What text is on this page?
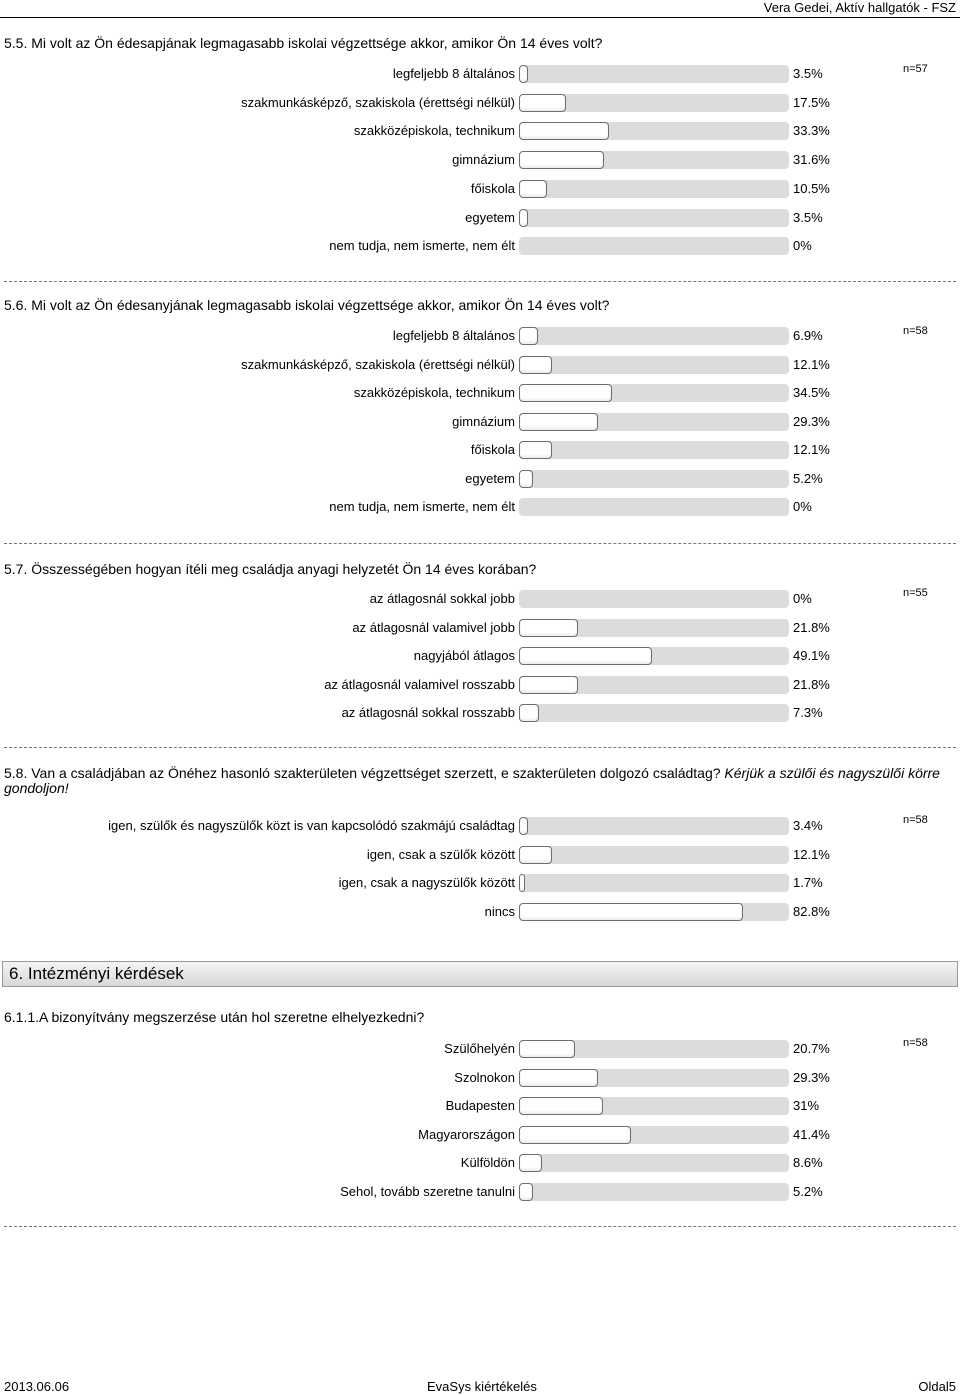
Vera Gedei, Aktív hallgatók - FSZ
5.5. Mi volt az Ön édesapjának legmagasabb iskolai végzettsége akkor, amikor Ön 14 éves volt?
n=57
legfeljebb 8 általános	3.5%
szakmunkásképző, szakiskola (érettségi nélkül)	17.5%
szakközépiskola, technikum	33.3%
gimnázium	31.6%
főiskola	10.5%
egyetem	3.5%
nem tudja, nem ismerte, nem élt	0%
5.6. Mi volt az Ön édesanyjának legmagasabb iskolai végzettsége akkor, amikor Ön 14 éves volt?
n=58
legfeljebb 8 általános	6.9%
szakmunkásképző, szakiskola (érettségi nélkül)	12.1%
szakközépiskola, technikum	34.5%
gimnázium	29.3%
főiskola	12.1%
egyetem	5.2%
nem tudja, nem ismerte, nem élt	0%
5.7. Összességében hogyan ítéli meg családja anyagi helyzetét Ön 14 éves korában?
n=55
az átlagosnál sokkal jobb	0%
az átlagosnál valamivel jobb	21.8%
nagyjából átlagos	49.1%
az átlagosnál valamivel rosszabb	21.8%
az átlagosnál sokkal rosszabb	7.3%
5.8. Van a családjában az Önéhez hasonló szakterületen végzettséget szerzett, e szakterületen dolgozó családtag? Kérjük a szülői és nagyszülői körre gondoljon!
n=58
igen, szülők és nagyszülők közt is van kapcsolódó szakmájú családtag	3.4%
igen, csak a szülők között	12.1%
igen, csak a nagyszülők között	1.7%
nincs	82.8%
6.1.1.A bizonyítvány megszerzése után hol szeretne elhelyezkedni?
n=58
Szülőhelyén	20.7%
Szolnokon	29.3%
Budapesten	31%
Magyarországon	41.4%
Külföldön	8.6%
Sehol, tovább szeretne tanulni	5.2%
6. Intézményi kérdések
2013.06.06	EvaSys kiértékelés	Oldal5
